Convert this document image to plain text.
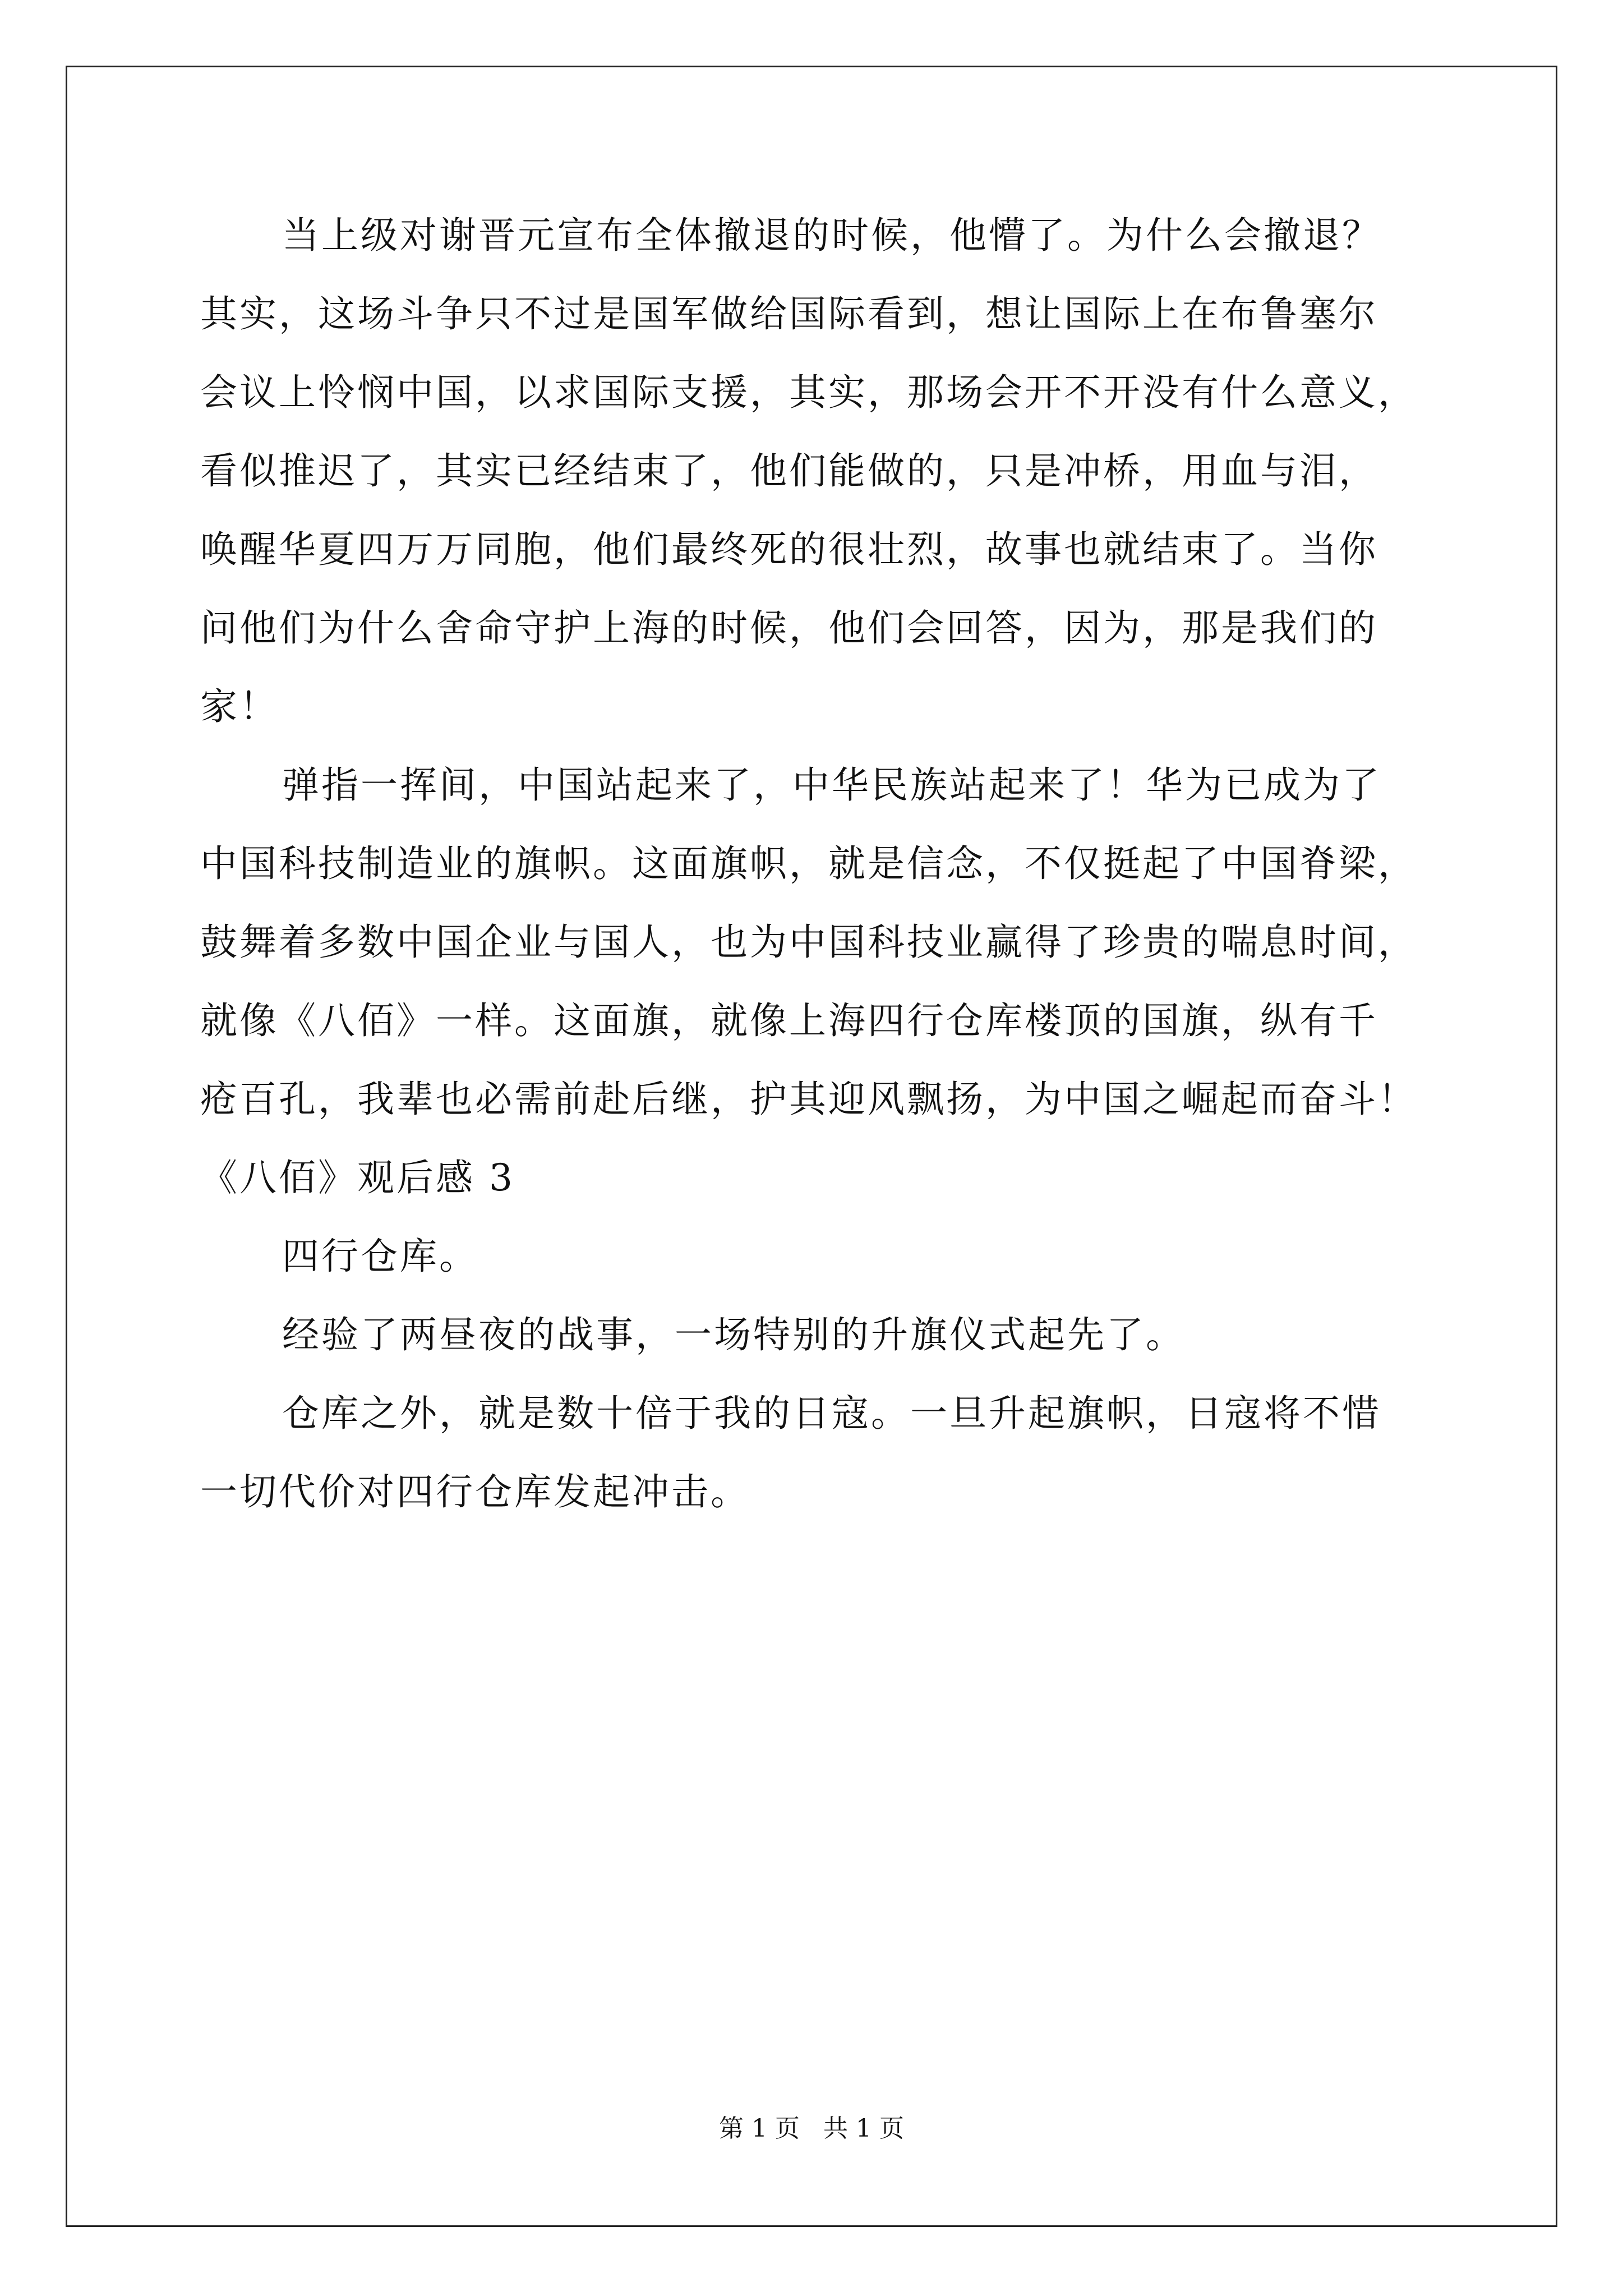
当上级对谢晋元宣布全体撤退的时候，他懵了。为什么会撤退？
其实，这场斗争只不过是国军做给国际看到，想让国际上在布鲁塞尔
会议上怜悯中国，以求国际支援，其实，那场会开不开没有什么意义，
看似推迟了，其实已经结束了，他们能做的，只是冲桥，用血与泪，
唤醒华夏四万万同胞，他们最终死的很壮烈，故事也就结束了。当你
问他们为什么舍命守护上海的时候，他们会回答，因为，那是我们的
家！
弹指一挥间，中国站起来了，中华民族站起来了！华为已成为了
中国科技制造业的旗帜。这面旗帜，就是信念，不仅挺起了中国脊梁，
鼓舞着多数中国企业与国人，也为中国科技业赢得了珍贵的喘息时间，
就像《八佰》一样。这面旗，就像上海四行仓库楼顶的国旗，纵有千
疮百孔，我辈也必需前赴后继，护其迎风飘扬，为中国之崛起而奋斗！
《八佰》观后感 3
四行仓库。
经验了两昼夜的战事，一场特别的升旗仪式起先了。
仓库之外，就是数十倍于我的日寇。一旦升起旗帜，日寇将不惜
一切代价对四行仓库发起冲击。
第 1 页   共 1 页
